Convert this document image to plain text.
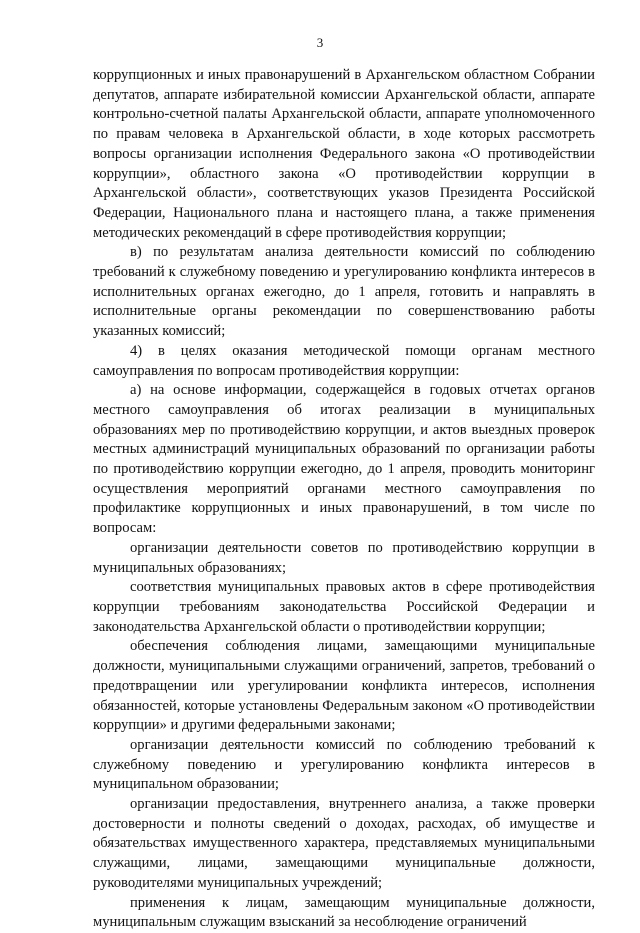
3

коррупционных и иных правонарушений в Архангельском областном Собрании депутатов, аппарате избирательной комиссии Архангельской области, аппарате контрольно-счетной палаты Архангельской области, аппарате уполномоченного по правам человека в Архангельской области, в ходе которых рассмотреть вопросы организации исполнения Федерального закона «О противодействии коррупции», областного закона «О противодействии коррупции в Архангельской области», соответствующих указов Президента Российской Федерации, Национального плана и настоящего плана, а также применения методических рекомендаций в сфере противодействия коррупции;

в) по результатам анализа деятельности комиссий по соблюдению требований к служебному поведению и урегулированию конфликта интересов в исполнительных органах ежегодно, до 1 апреля, готовить и направлять в исполнительные органы рекомендации по совершенствованию работы указанных комиссий;

4) в целях оказания методической помощи органам местного самоуправления по вопросам противодействия коррупции:

а) на основе информации, содержащейся в годовых отчетах органов местного самоуправления об итогах реализации в муниципальных образованиях мер по противодействию коррупции, и актов выездных проверок местных администраций муниципальных образований по организации работы по противодействию коррупции ежегодно, до 1 апреля, проводить мониторинг осуществления мероприятий органами местного самоуправления по профилактике коррупционных и иных правонарушений, в том числе по вопросам:

организации деятельности советов по противодействию коррупции в муниципальных образованиях;

соответствия муниципальных правовых актов в сфере противодействия коррупции требованиям законодательства Российской Федерации и законодательства Архангельской области о противодействии коррупции;

обеспечения соблюдения лицами, замещающими муниципальные должности, муниципальными служащими ограничений, запретов, требований о предотвращении или урегулировании конфликта интересов, исполнения обязанностей, которые установлены Федеральным законом «О противодействии коррупции» и другими федеральными законами;

организации деятельности комиссий по соблюдению требований к служебному поведению и урегулированию конфликта интересов в муниципальном образовании;

организации предоставления, внутреннего анализа, а также проверки достоверности и полноты сведений о доходах, расходах, об имуществе и обязательствах имущественного характера, представляемых муниципальными служащими, лицами, замещающими муниципальные должности, руководителями муниципальных учреждений;

применения к лицам, замещающим муниципальные должности, муниципальным служащим взысканий за несоблюдение ограничений
